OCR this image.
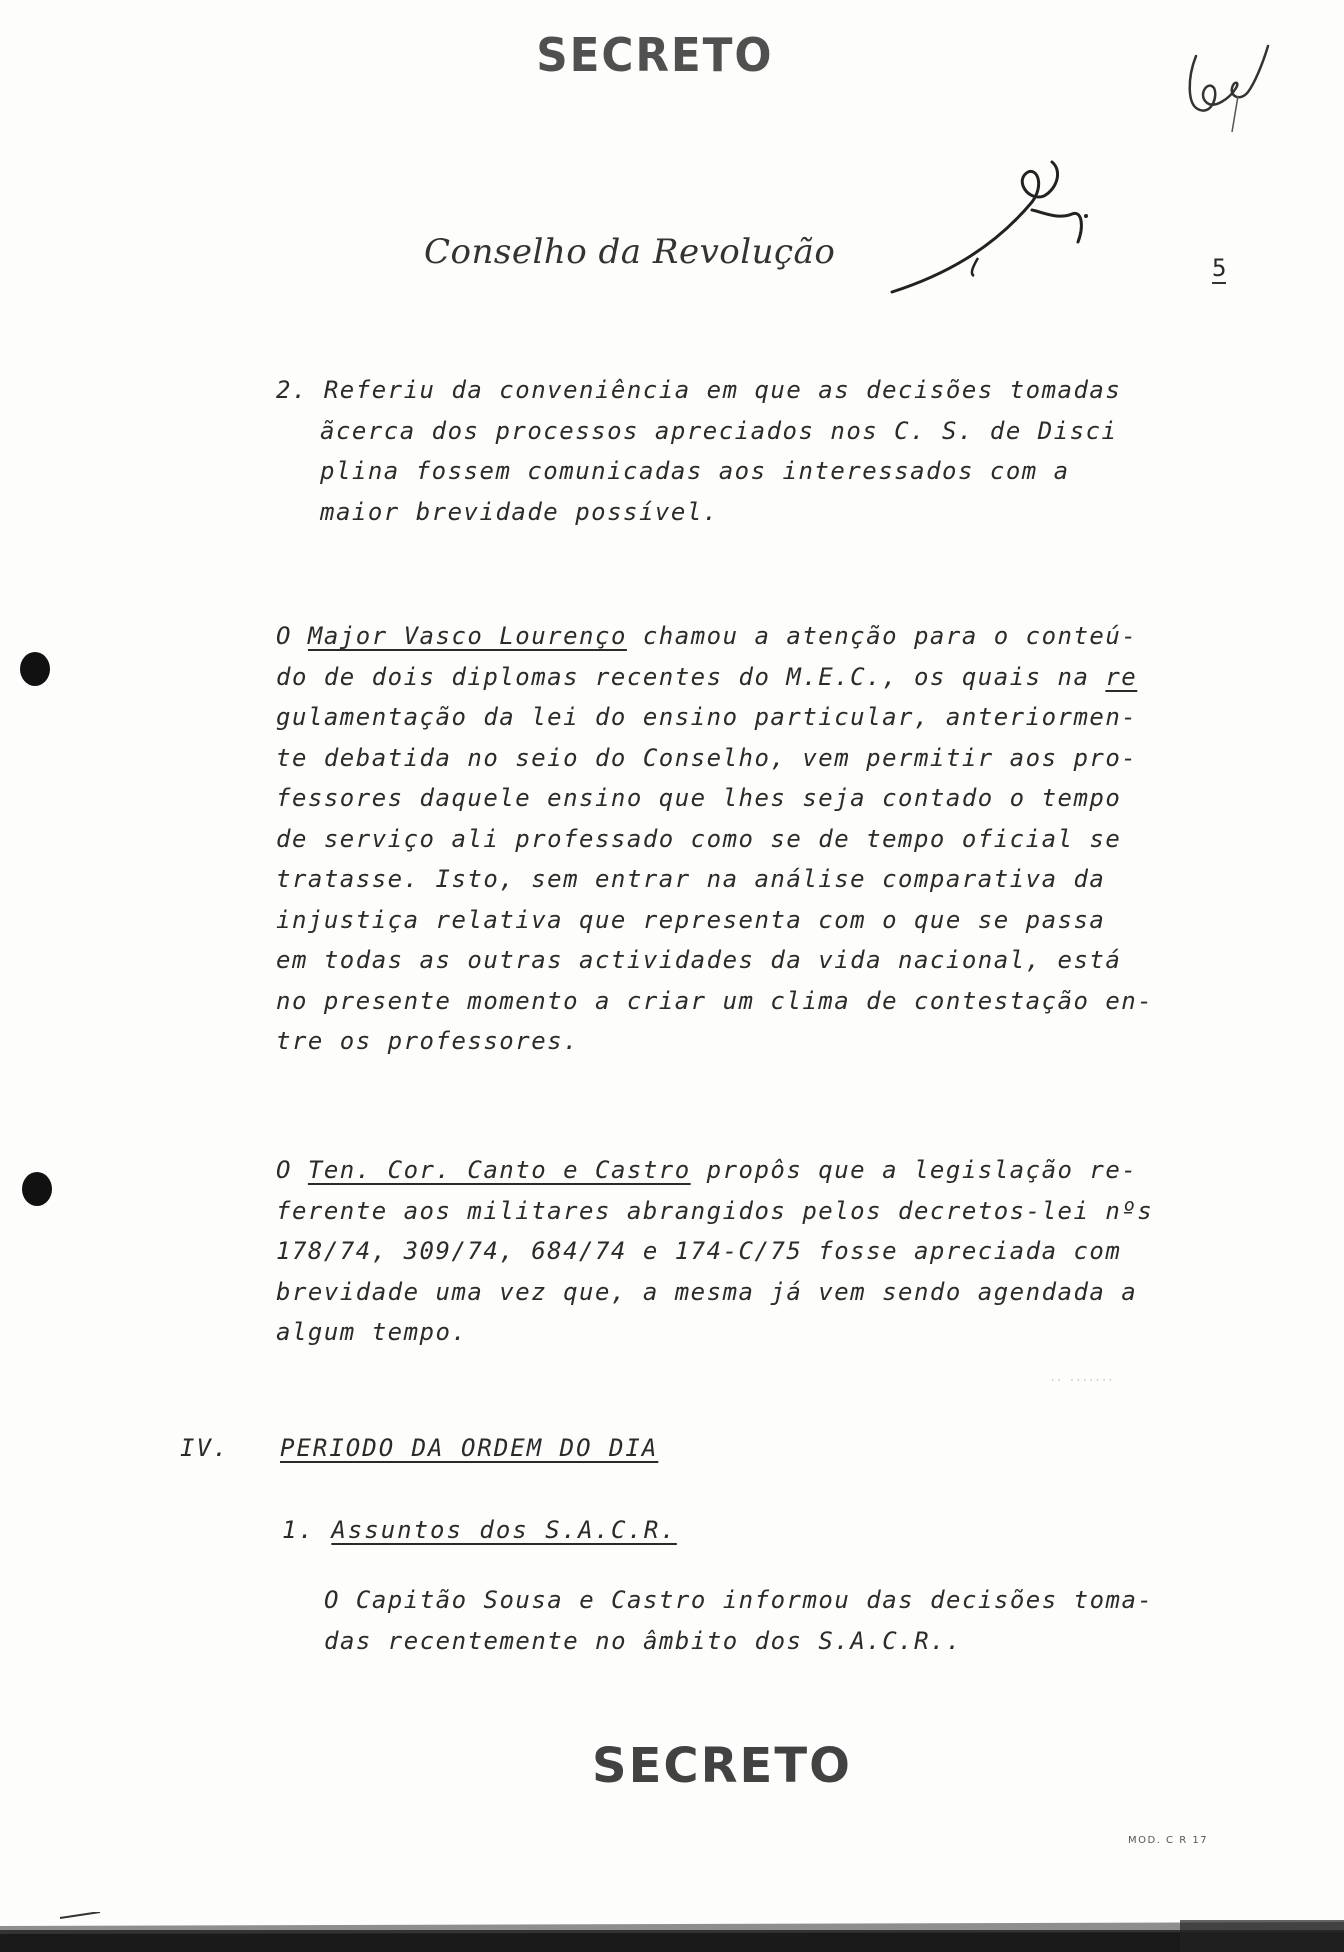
SECRETO
Conselho da Revolução	5

2. Referiu da conveniência em que as decisões tomadas

ãcerca dos processos apreciados nos C. S. de Disci

plina fossem comunicadas aos interessados com a

maior brevidade possível.

O Major Vasco Lourenço chamou a atenção para o conteú-

do de dois diplomas recentes do M.E.C., os quais na re

gulamentação da lei do ensino particular, anteriormen-

te debatida no seio do Conselho, vem permitir aos pro-

fessores daquele ensino que lhes seja contado o tempo

de serviço ali professado como se de tempo oficial se

tratasse. Isto, sem entrar na análise comparativa da

injustiça relativa que representa com o que se passa

em todas as outras actividades da vida nacional, está

no presente momento a criar um clima de contestação en-

tre os professores.

O Ten. Cor. Canto e Castro propôs que a legislação re-

ferente aos militares abrangidos pelos decretos-lei nºs

178/74, 309/74, 684/74 e 174-C/75 fosse apreciada com

brevidade uma vez que, a mesma já vem sendo agendada a

algum tempo.

·· ·······
IV. PERIODO DA ORDEM DO DIA
1. Assuntos dos S.A.C.R.

O Capitão Sousa e Castro informou das decisões toma-

das recentemente no âmbito dos S.A.C.R..

SECRETO
MOD. C R 17
